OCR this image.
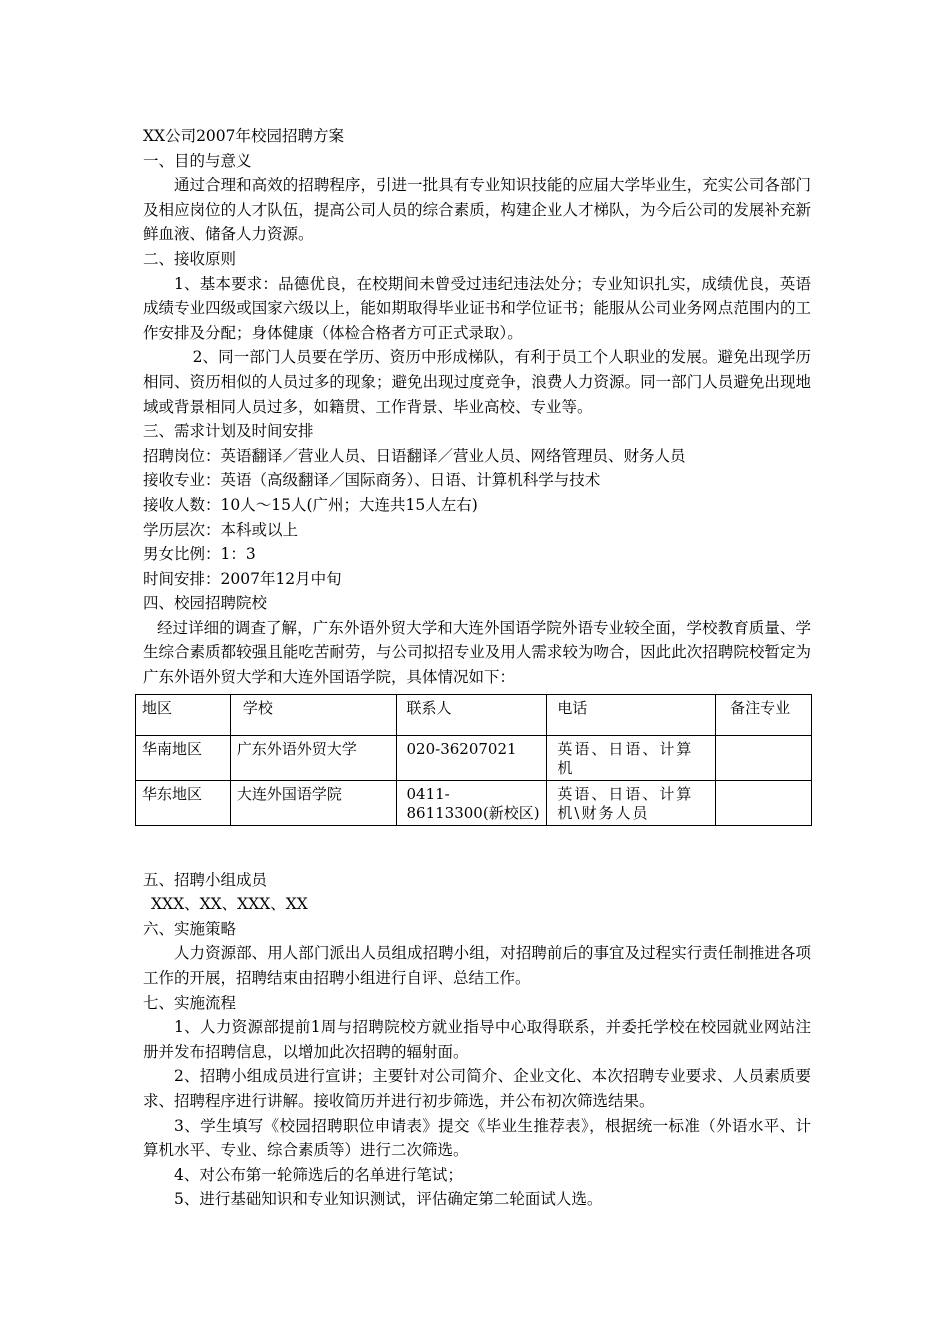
XX公司2007年校园招聘方案
一、目的与意义
通过合理和高效的招聘程序，引进一批具有专业知识技能的应届大学毕业生，充实公司各部门及相应岗位的人才队伍，提高公司人员的综合素质，构建企业人才梯队，为今后公司的发展补充新鲜血液、储备人力资源。
二、接收原则
1、基本要求：品德优良，在校期间未曾受过违纪违法处分；专业知识扎实，成绩优良，英语成绩专业四级或国家六级以上，能如期取得毕业证书和学位证书；能服从公司业务网点范围内的工作安排及分配；身体健康（体检合格者方可正式录取）。
2、同一部门人员要在学历、资历中形成梯队，有利于员工个人职业的发展。避免出现学历相同、资历相似的人员过多的现象；避免出现过度竞争，浪费人力资源。同一部门人员避免出现地域或背景相同人员过多，如籍贯、工作背景、毕业高校、专业等。
三、需求计划及时间安排
招聘岗位：英语翻译／营业人员、日语翻译／营业人员、网络管理员、财务人员
接收专业：英语（高级翻译／国际商务）、日语、计算机科学与技术
接收人数：10人～15人(广州；大连共15人左右)
学历层次：本科或以上
男女比例：1：3
时间安排：2007年12月中旬
四、校园招聘院校
经过详细的调查了解，广东外语外贸大学和大连外国语学院外语专业较全面，学校教育质量、学生综合素质都较强且能吃苦耐劳，与公司拟招专业及用人需求较为吻合，因此此次招聘院校暂定为广东外语外贸大学和大连外国语学院，具体情况如下：
地区	学校	联系人	电话	备注专业
华南地区	广东外语外贸大学	020-36207021	英语、日语、计算机	
华东地区	大连外国语学院	0411-86113300(新校区)	英语、日语、计算机\财务人员	
五、招聘小组成员
XXX、XX、XXX、XX
六、实施策略
人力资源部、用人部门派出人员组成招聘小组，对招聘前后的事宜及过程实行责任制推进各项工作的开展，招聘结束由招聘小组进行自评、总结工作。
七、实施流程
1、人力资源部提前1周与招聘院校方就业指导中心取得联系，并委托学校在校园就业网站注册并发布招聘信息，以增加此次招聘的辐射面。
2、招聘小组成员进行宣讲；主要针对公司简介、企业文化、本次招聘专业要求、人员素质要求、招聘程序进行讲解。接收简历并进行初步筛选，并公布初次筛选结果。
3、学生填写《校园招聘职位申请表》提交《毕业生推荐表》，根据统一标准（外语水平、计算机水平、专业、综合素质等）进行二次筛选。
4、对公布第一轮筛选后的名单进行笔试；
5、进行基础知识和专业知识测试，评估确定第二轮面试人选。
